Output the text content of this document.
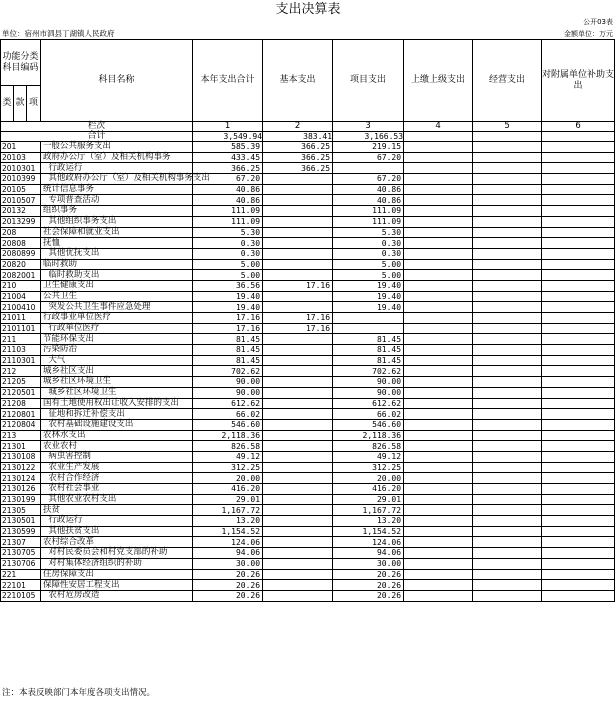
支出决算表
公开03表
单位：宿州市泗县丁湖镇人民政府	金额单位：万元
功能分类科目编码			科目名称	本年支出合计	基本支出	项目支出	上缴上级支出	经营支出	对附属单位补助支出
类	款	项							
栏次				1	2	3	4	5	6
合计				3,549.94	383.41	3,166.53			
201			一般公共服务支出	585.39	366.25	219.15			
20103			政府办公厅（室）及相关机构事务	433.45	366.25	67.20			
2010301			行政运行	366.25	366.25				
2010399			其他政府办公厅（室）及相关机构事务支出	67.20		67.20			
20105			统计信息事务	40.86		40.86			
2010507			专项普查活动	40.86		40.86			
20132			组织事务	111.09		111.09			
2013299			其他组织事务支出	111.09		111.09			
208			社会保障和就业支出	5.30		5.30			
20808			抚恤	0.30		0.30			
2080899			其他优抚支出	0.30		0.30			
20820			临时救助	5.00		5.00			
2082001			临时救助支出	5.00		5.00			
210			卫生健康支出	36.56	17.16	19.40			
21004			公共卫生	19.40		19.40			
2100410			突发公共卫生事件应急处理	19.40		19.40			
21011			行政事业单位医疗	17.16	17.16				
2101101			行政单位医疗	17.16	17.16				
211			节能环保支出	81.45		81.45			
21103			污染防治	81.45		81.45			
2110301			大气	81.45		81.45			
212			城乡社区支出	702.62		702.62			
21205			城乡社区环境卫生	90.00		90.00			
2120501			城乡社区环境卫生	90.00		90.00			
21208			国有土地使用权出让收入安排的支出	612.62		612.62			
2120801			征地和拆迁补偿支出	66.02		66.02			
2120804			农村基础设施建设支出	546.60		546.60			
213			农林水支出	2,118.36		2,118.36			
21301			农业农村	826.58		826.58			
2130108			病虫害控制	49.12		49.12			
2130122			农业生产发展	312.25		312.25			
2130124			农村合作经济	20.00		20.00			
2130126			农村社会事业	416.20		416.20			
2130199			其他农业农村支出	29.01		29.01			
21305			扶贫	1,167.72		1,167.72			
2130501			行政运行	13.20		13.20			
2130599			其他扶贫支出	1,154.52		1,154.52			
21307			农村综合改革	124.06		124.06			
2130705			对村民委员会和村党支部的补助	94.06		94.06			
2130706			对村集体经济组织的补助	30.00		30.00			
221			住房保障支出	20.26		20.26			
22101			保障性安居工程支出	20.26		20.26			
2210105			农村危房改造	20.26		20.26			
注：本表反映部门本年度各项支出情况。
